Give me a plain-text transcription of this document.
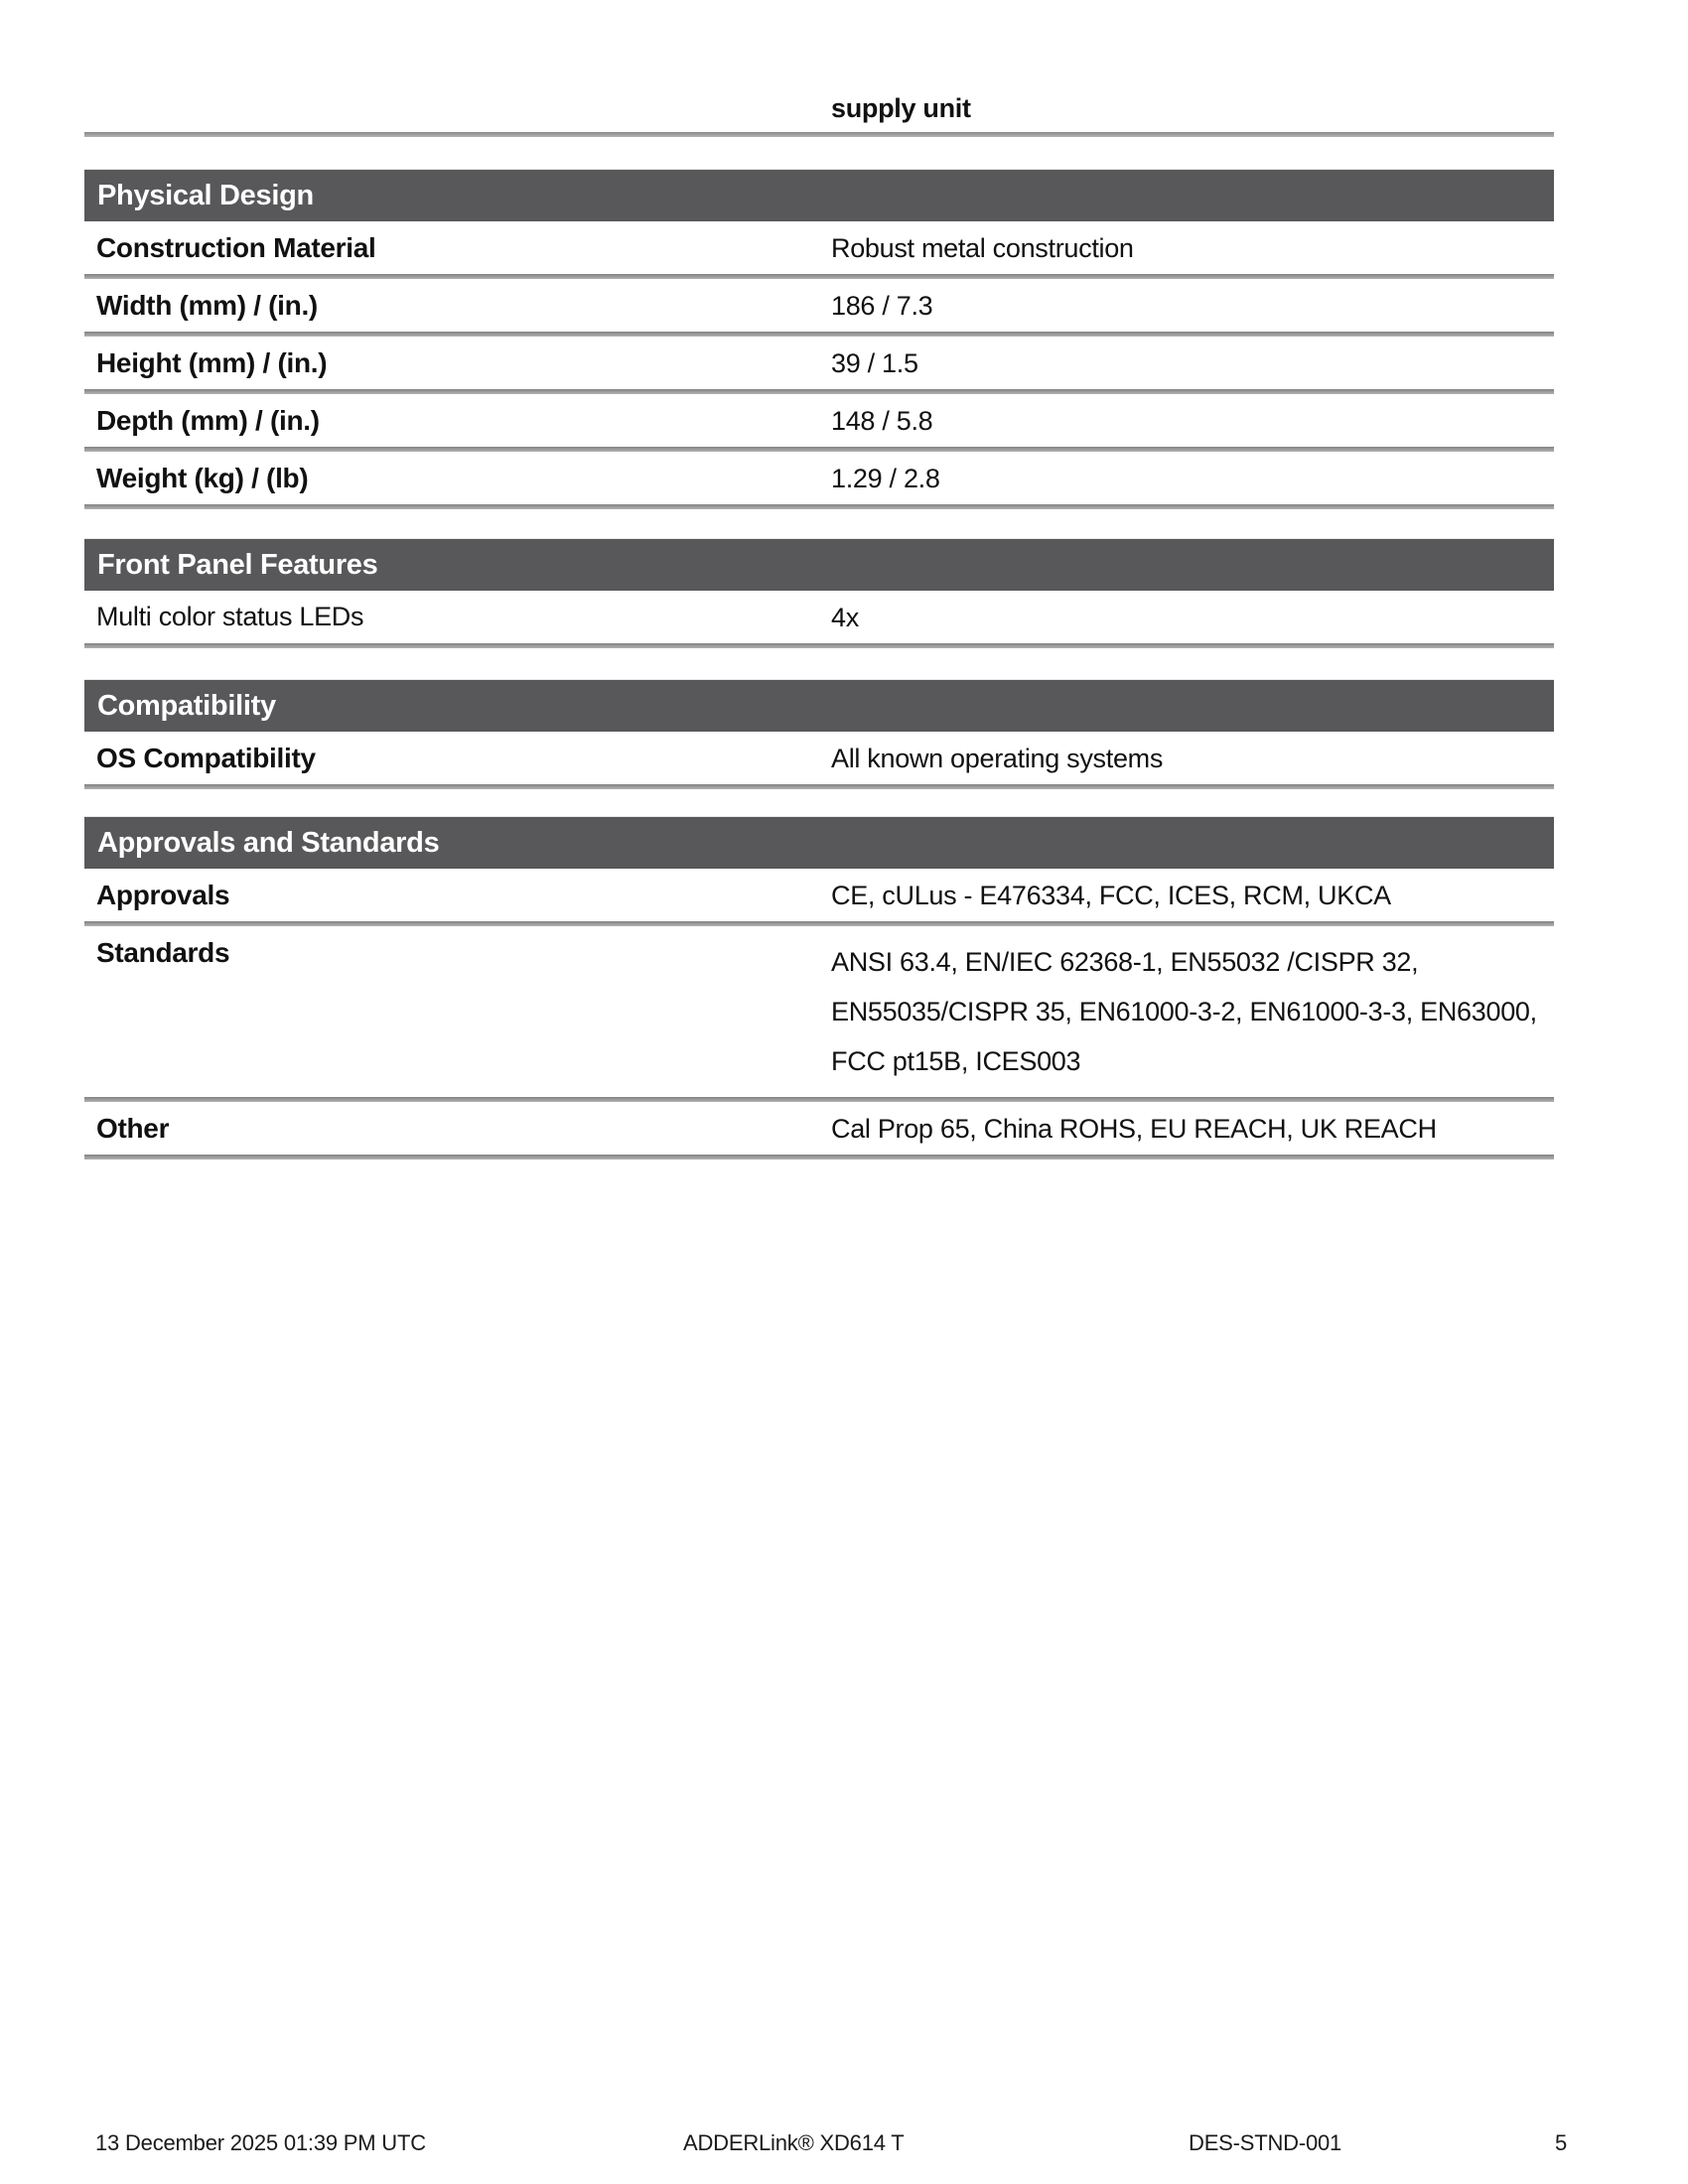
supply unit
Physical Design
Construction Material	Robust metal construction
Width (mm) / (in.)	186 / 7.3
Height (mm) / (in.)	39 / 1.5
Depth (mm) / (in.)	148 / 5.8
Weight (kg) / (lb)	1.29 / 2.8
Front Panel Features
Multi color status LEDs	4x
Compatibility
OS Compatibility	All known operating systems
Approvals and Standards
Approvals	CE, cULus - E476334, FCC, ICES, RCM, UKCA
Standards	ANSI 63.4, EN/IEC 62368-1, EN55032 /CISPR 32,
EN55035/CISPR 35, EN61000-3-2, EN61000-3-3, EN63000,
FCC pt15B, ICES003
Other	Cal Prop 65, China ROHS, EU REACH, UK REACH
13 December 2025 01:39 PM UTC	ADDERLink® XD614 T	DES-STND-001	5
